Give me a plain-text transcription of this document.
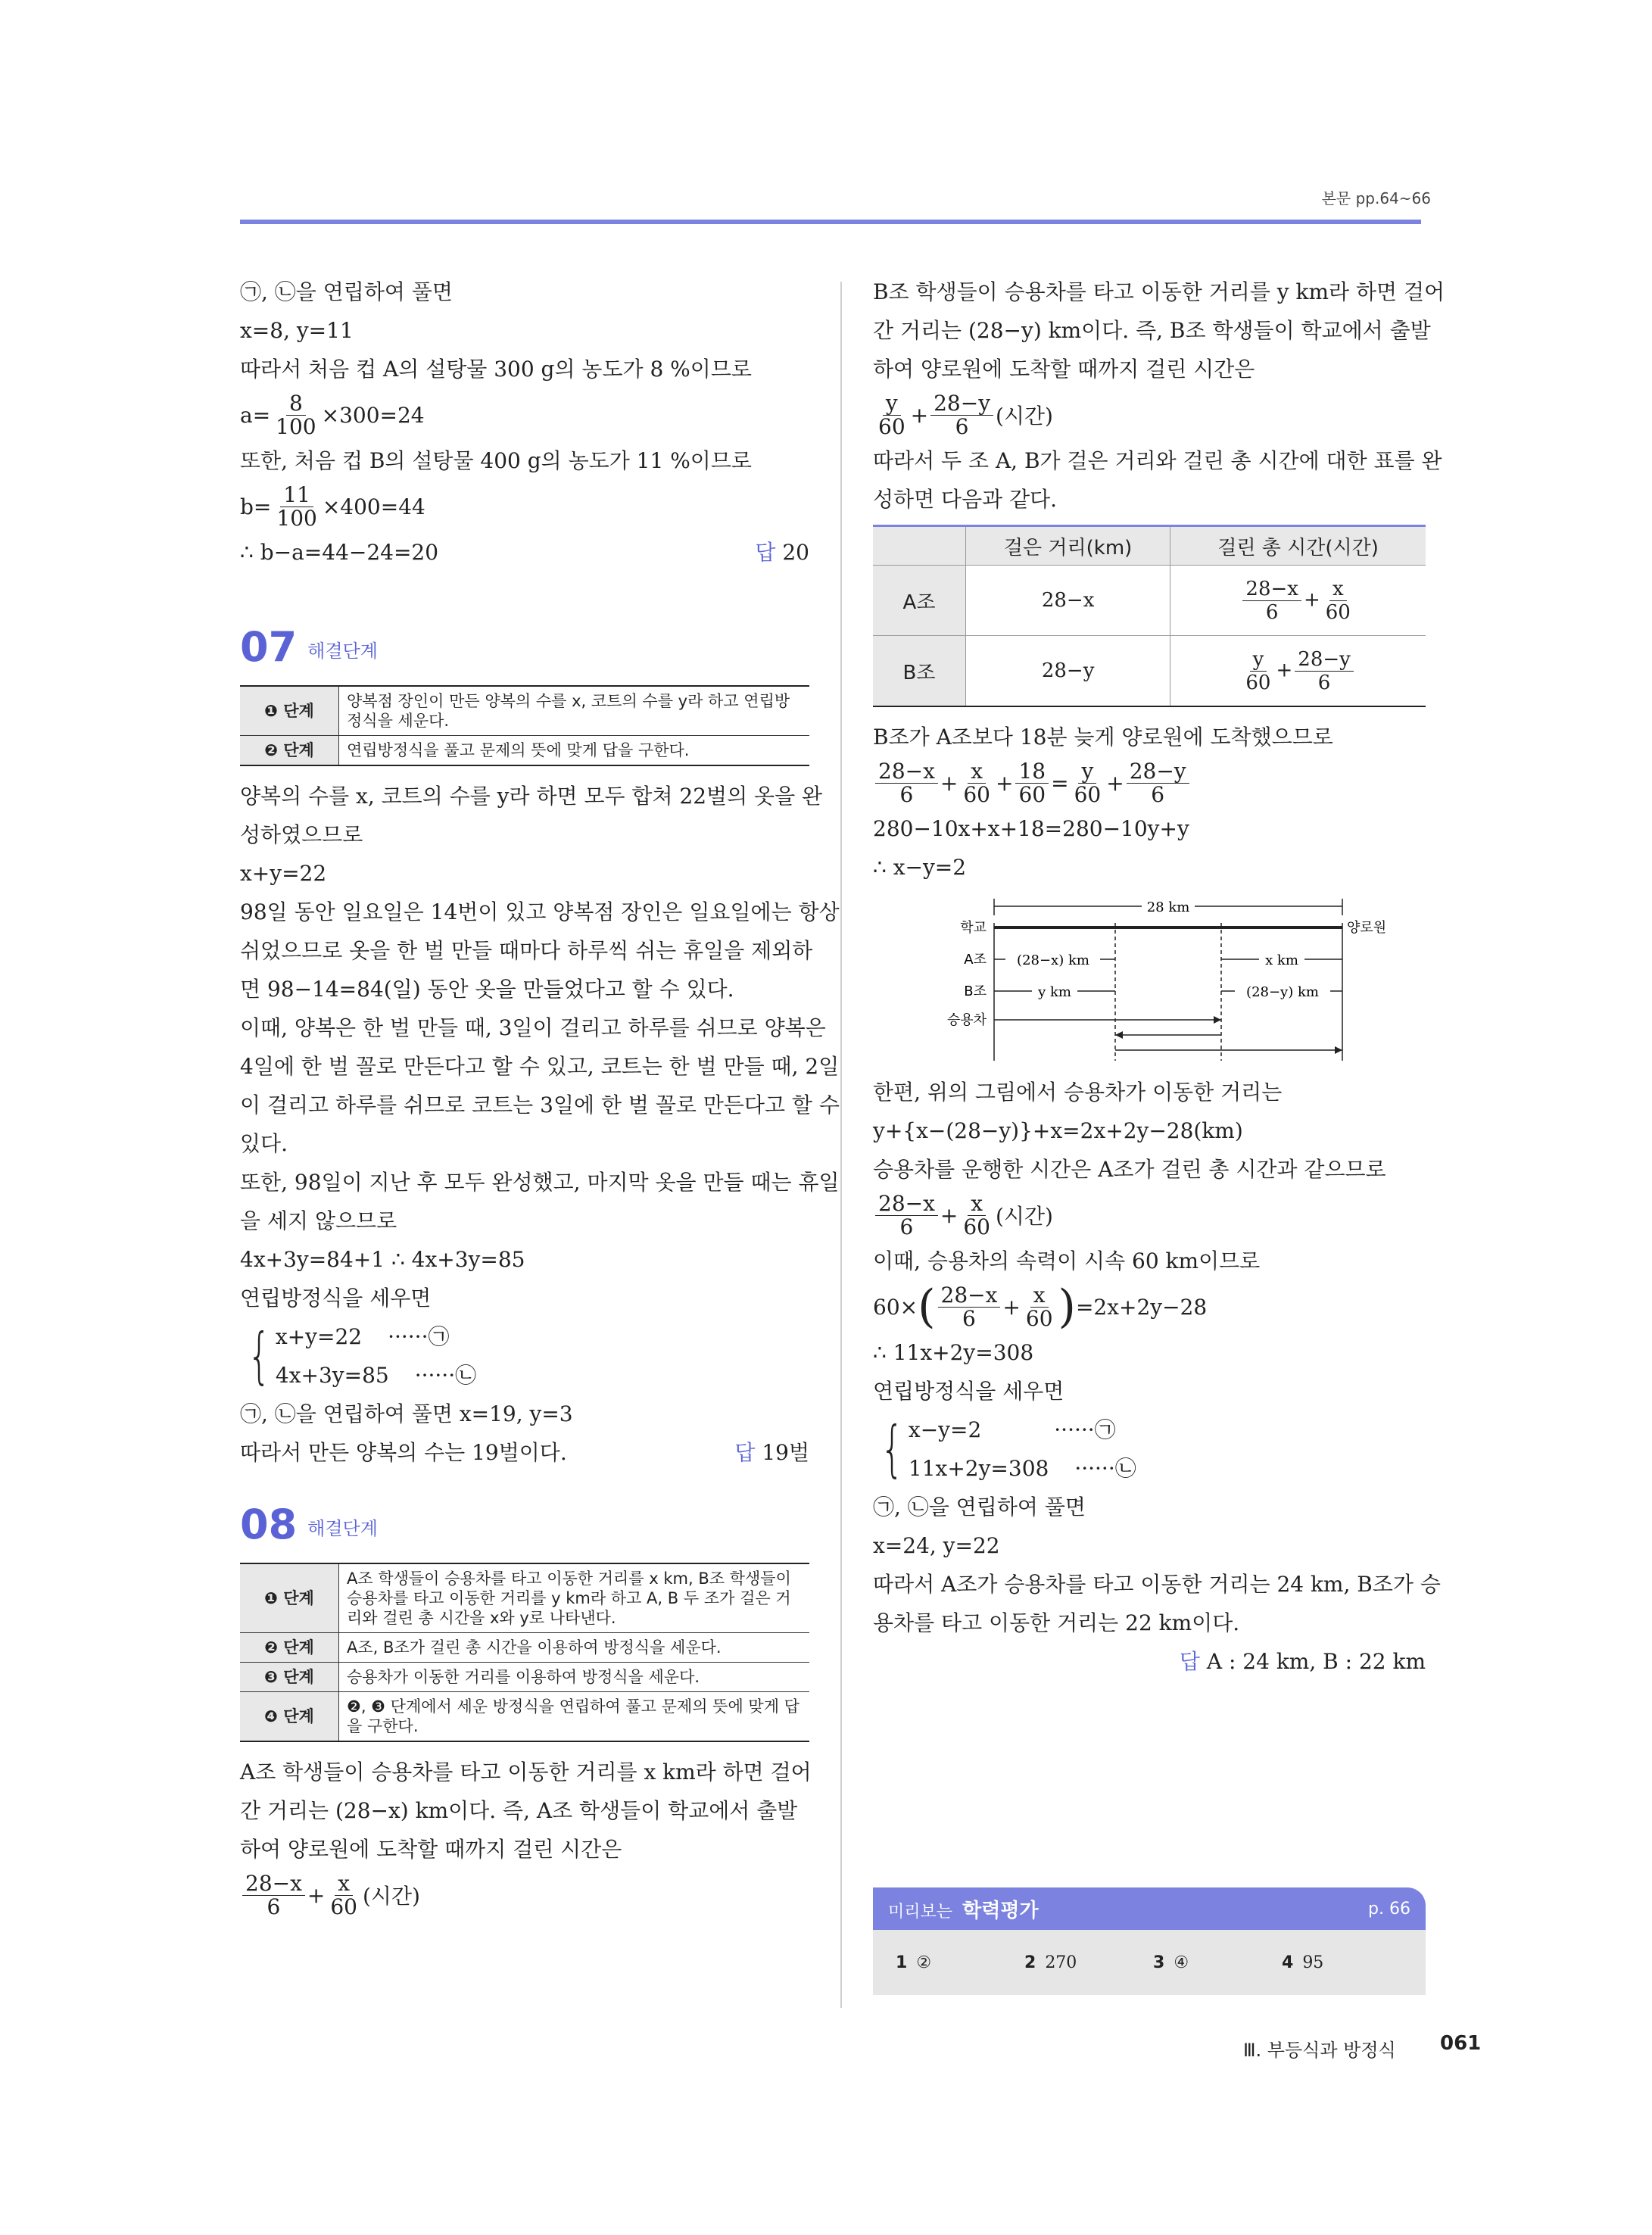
본문 pp.64~66
㉠, ㉡을 연립하여 풀면
x=8, y=11
따라서 처음 컵 A의 설탕물 300 g의 농도가 8 %이므로
$a= \frac{8}{100} \times 300=24$
또한, 처음 컵 B의 설탕물 400 g의 농도가 11 %이므로
$b= \frac{11}{100} \times 400=44$
∴ b−a=44−24=20	답 20
07 해결단계
❶ 단계	양복점 장인이 만든 양복의 수를 x, 코트의 수를 y라 하고 연립방정식을 세운다.
❷ 단계	연립방정식을 풀고 문제의 뜻에 맞게 답을 구한다.
양복의 수를 x, 코트의 수를 y라 하면 모두 합쳐 22벌의 옷을 완
성하였으므로
x+y=22
98일 동안 일요일은 14번이 있고 양복점 장인은 일요일에는 항상
쉬었으므로 옷을 한 벌 만들 때마다 하루씩 쉬는 휴일을 제외하
면 98−14=84(일) 동안 옷을 만들었다고 할 수 있다.
이때, 양복은 한 벌 만들 때, 3일이 걸리고 하루를 쉬므로 양복은
4일에 한 벌 꼴로 만든다고 할 수 있고, 코트는 한 벌 만들 때, 2일
이 걸리고 하루를 쉬므로 코트는 3일에 한 벌 꼴로 만든다고 할 수
있다.
또한, 98일이 지난 후 모두 완성했고, 마지막 옷을 만들 때는 휴일
을 세지 않으므로
4x+3y=84+1 ∴ 4x+3y=85
연립방정식을 세우면
{ x+y=22 ······㉠
4x+3y=85 ······㉡
㉠, ㉡을 연립하여 풀면 x=19, y=3
따라서 만든 양복의 수는 19벌이다.	답 19벌
08 해결단계
❶ 단계	A조 학생들이 승용차를 타고 이동한 거리를 x km, B조 학생들이 승용차를 타고 이동한 거리를 y km라 하고 A, B 두 조가 걸은 거리와 걸린 총 시간을 x와 y로 나타낸다.
❷ 단계	A조, B조가 걸린 총 시간을 이용하여 방정식을 세운다.
❸ 단계	승용차가 이동한 거리를 이용하여 방정식을 세운다.
❹ 단계	❷, ❸ 단계에서 세운 방정식을 연립하여 풀고 문제의 뜻에 맞게 답을 구한다.
A조 학생들이 승용차를 타고 이동한 거리를 x km라 하면 걸어
간 거리는 (28−x) km이다. 즉, A조 학생들이 학교에서 출발
하여 양로원에 도착할 때까지 걸린 시간은
$\frac{28-x}{6} + \frac{x}{60}$ (시간)
B조 학생들이 승용차를 타고 이동한 거리를 y km라 하면 걸어
간 거리는 (28−y) km이다. 즉, B조 학생들이 학교에서 출발
하여 양로원에 도착할 때까지 걸린 시간은
$\frac{y}{60} + \frac{28-y}{6}$ (시간)
따라서 두 조 A, B가 걸은 거리와 걸린 총 시간에 대한 표를 완
성하면 다음과 같다.
	걸은 거리(km)	걸린 총 시간(시간)
A조	28−x	$\frac{28-x}{6} + \frac{x}{60}$

B조	28−y	$\frac{y}{60} + \frac{28-y}{6}$
B조가 A조보다 18분 늦게 양로원에 도착했으므로
$\frac{28-x}{6} + \frac{x}{60} + \frac{18}{60} = \frac{y}{60} + \frac{28-y}{6}$
280−10x+x+18=280−10y+y
∴ x−y=2
28 km
학교	양로원
A조 (28−x) km	x km
B조	y km	(28−y) km
승용차
한편, 위의 그림에서 승용차가 이동한 거리는
y+{x−(28−y)}+x=2x+2y−28(km)
승용차를 운행한 시간은 A조가 걸린 총 시간과 같으므로
$\frac{28-x}{6} + \frac{x}{60}$ (시간)
이때, 승용차의 속력이 시속 60 km이므로
60× ( $\frac{28-x}{6} + \frac{x}{60}$ ) =2x+2y−28
∴ 11x+2y=308
연립방정식을 세우면
{ x−y=2	······㉠
11x+2y=308 ······㉡
㉠, ㉡을 연립하여 풀면
x=24, y=22
따라서 A조가 승용차를 타고 이동한 거리는 24 km, B조가 승
용차를 타고 이동한 거리는 22 km이다.
답 A : 24 km, B : 22 km
미리보는 학력평가	p. 66
1 ②	2 270	3 ④	4 95
Ⅲ. 부등식과 방정식 061
